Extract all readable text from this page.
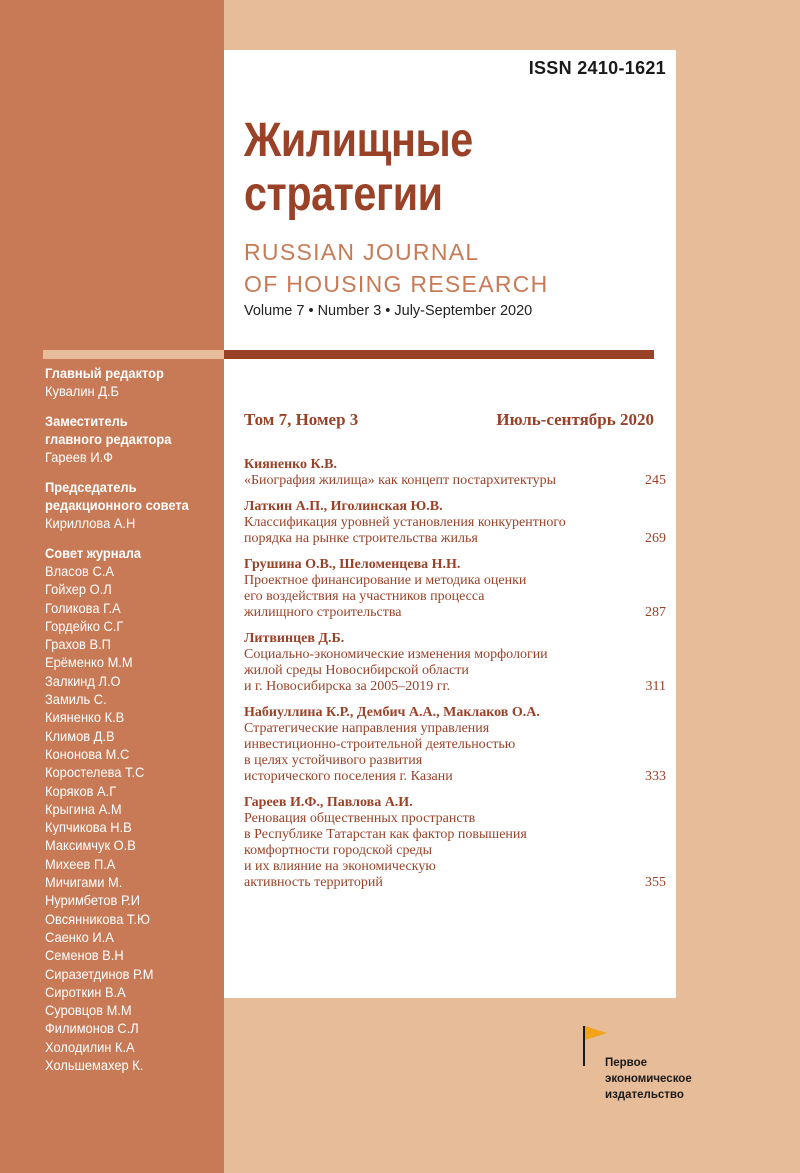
ISSN 2410-1621
Жилищные
стратегии
RUSSIAN JOURNAL
OF HOUSING RESEARCH
Volume 7 • Number 3 • July-September 2020
Главный редактор
Кувалин Д.Б
Заместитель
главного редактора
Гареев И.Ф
Председатель
редакционного совета
Кириллова А.Н
Совет журнала
Власов С.А
Гойхер О.Л
Голикова Г.А
Гордейко С.Г
Грахов В.П
Ерёменко М.М
Залкинд Л.О
Замиль С.
Кияненко К.В
Климов Д.В
Кононова М.С
Коростелева Т.С
Коряков А.Г
Крыгина А.М
Купчикова Н.В
Максимчук О.В
Михеев П.А
Мичигами М.
Нуримбетов Р.И
Овсянникова Т.Ю
Саенко И.А
Семенов В.Н
Сиразетдинов Р.М
Сироткин В.А
Суровцов М.М
Филимонов С.Л
Холодилин К.А
Хольшемахер К.
Том 7, Номер 3	Июль-сентябрь 2020
Кияненко К.В.
«Биография жилища» как концепт постархитектуры	245
Латкин А.П., Иголинская Ю.В.
Классификация уровней установления конкурентного
порядка на рынке строительства жилья	269
Грушина О.В., Шеломенцева Н.Н.
Проектное финансирование и методика оценки
его воздействия на участников процесса
жилищного строительства	287
Литвинцев Д.Б.
Социально-экономические изменения морфологии
жилой среды Новосибирской области
и г. Новосибирска за 2005–2019 гг.	311
Набиуллина К.Р., Дембич А.А., Маклаков О.А.
Стратегические направления управления
инвестиционно-строительной деятельностью
в целях устойчивого развития
исторического поселения г. Казани	333
Гареев И.Ф., Павлова А.И.
Реновация общественных пространств
в Республике Татарстан как фактор повышения
комфортности городской среды
и их влияние на экономическую
активность территорий	355
Первое
экономическое
издательство
